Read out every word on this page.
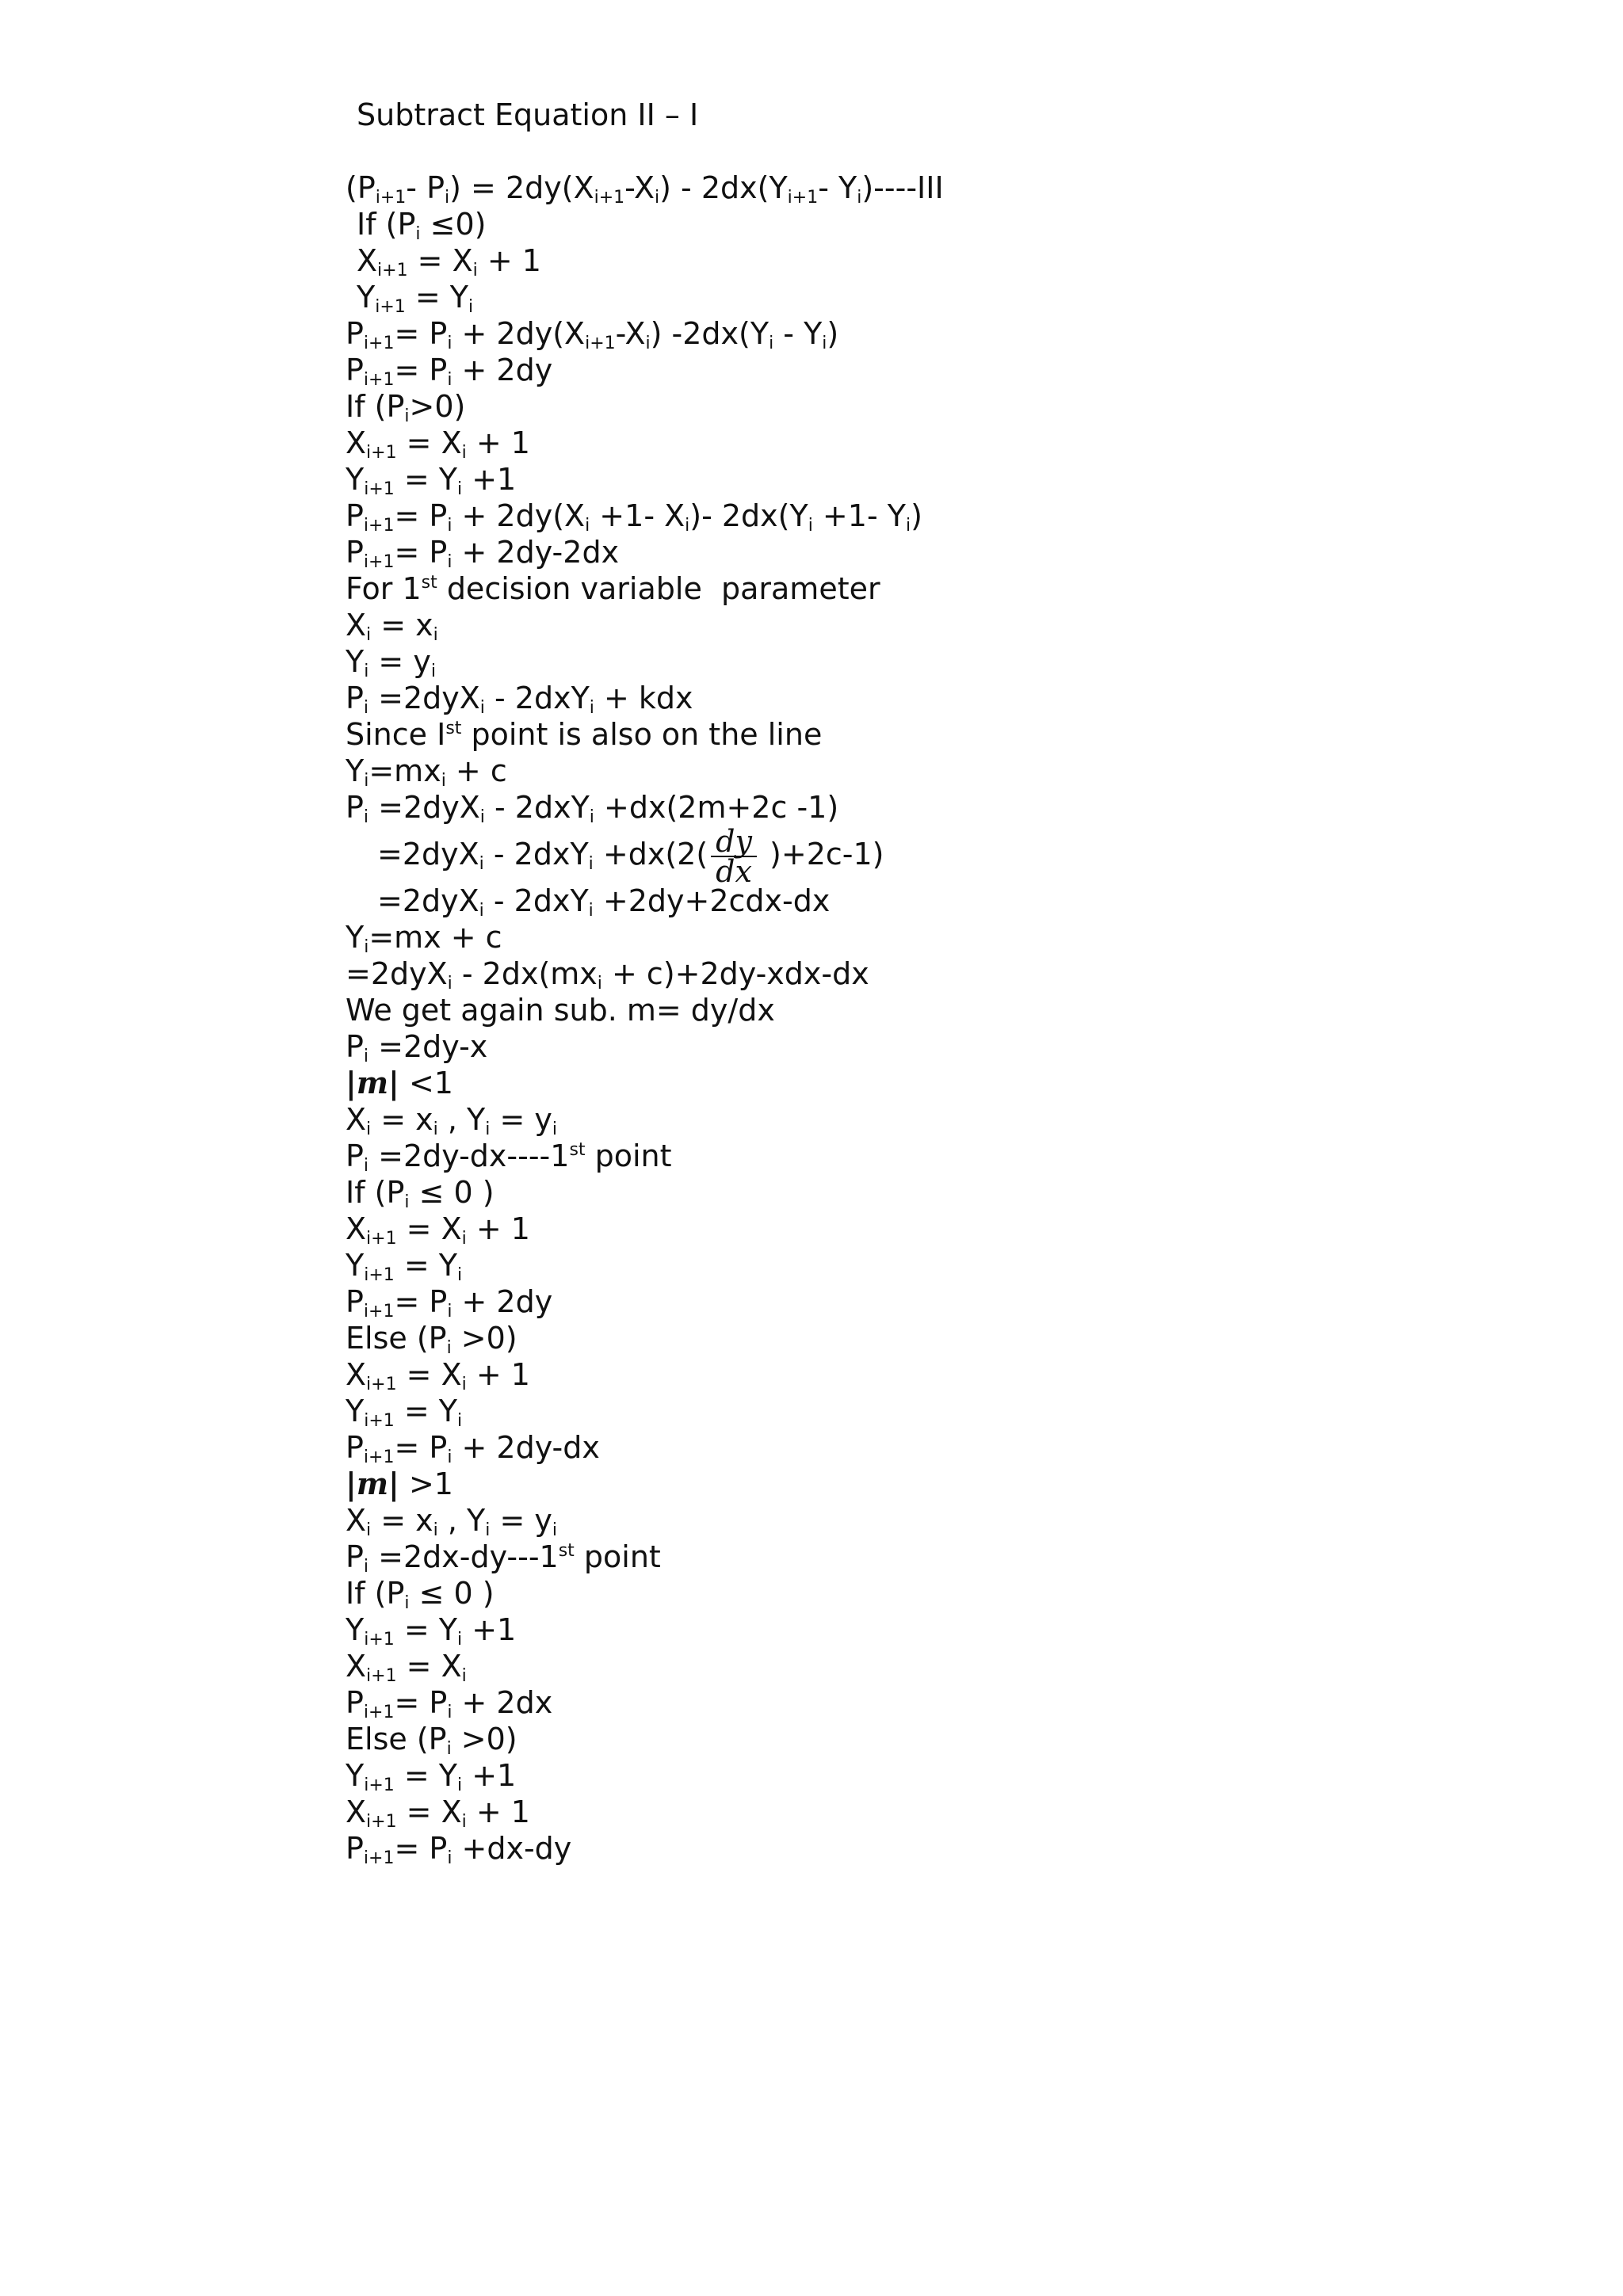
Subtract Equation II – I
($P_{i+1}-$ $P_i) = 2dy(X_{i+1}-X_i) - 2dx(Y_{i+1}-$ $Y_i)---$-III
If $(P_i \le 0)$
$X_{i+1} = X_i + 1$
$Y_{i+1} = Y_i$
$P_{i+1}= P_i + 2dy(X_{i+1}-X_i)$ $-2dx(Y_i - Y_i)$
$P_{i+1}= P_i + 2dy$
If $(P_i>0)$
$X_{i+1} = X_i + 1$
$Y_{i+1} = Y_i +1$
$P_{i+1}= P_i + 2dy(X_i +1-$ $X_i)-$ $2dx(Y_i +1-$ $Y_i$)
$P_{i+1}= P_i + 2dy-2dx$
For 1st decision variable  parameter
$X_i = x_i$
$Y_i = y_i$
$P_i =2dyX_i - 2dxY_i$ + kdx
Since Ist point is also on the line
$Y_i=mx_i + c$
$P_i =2dyX_i - 2dxY_i +dx(2m+2c$ -1)
$=2dyX_i - 2dxY_i +dx(2( \frac{dy}{dx} )+2c-1)$
=2dyX$_i$ - 2dxY$_i$ +2dy+2cdx-dx
$Y_i=mx + c$
$=2dyX_i - 2dx(mx_i + c)+2dy-xdx-dx$
We get again sub. m= dy/dx
$P_i =2dy-x$
|m| <1
$X_i = x_i$ , $Y_i = y_i$
$P_i =2dy-dx----1st$ point
If ($P_i \le 0$ )
$X_{i+1} = X_i + 1$
$Y_{i+1} = Y_i$
$P_{i+1}= P_i + 2dy$
Else $(P_i >0)$
$X_{i+1} = X_i + 1$
$Y_{i+1} = Y_i$
$P_{i+1}= P_i + 2dy-dx$
|m| >1
$X_i = x_i$ , $Y_i = y_i$
$P_i =2dx-dy---1st$ point
If ($P_i \le 0$ )
$Y_{i+1} = Y_i +1$
$X_{i+1} = X_i$
$P_{i+1}= P_i + 2dx$
Else $(P_i >0)$
$Y_{i+1} = Y_i +1$
$X_{i+1} = X_i + 1$
$P_{i+1}= P_i +dx-dy$
